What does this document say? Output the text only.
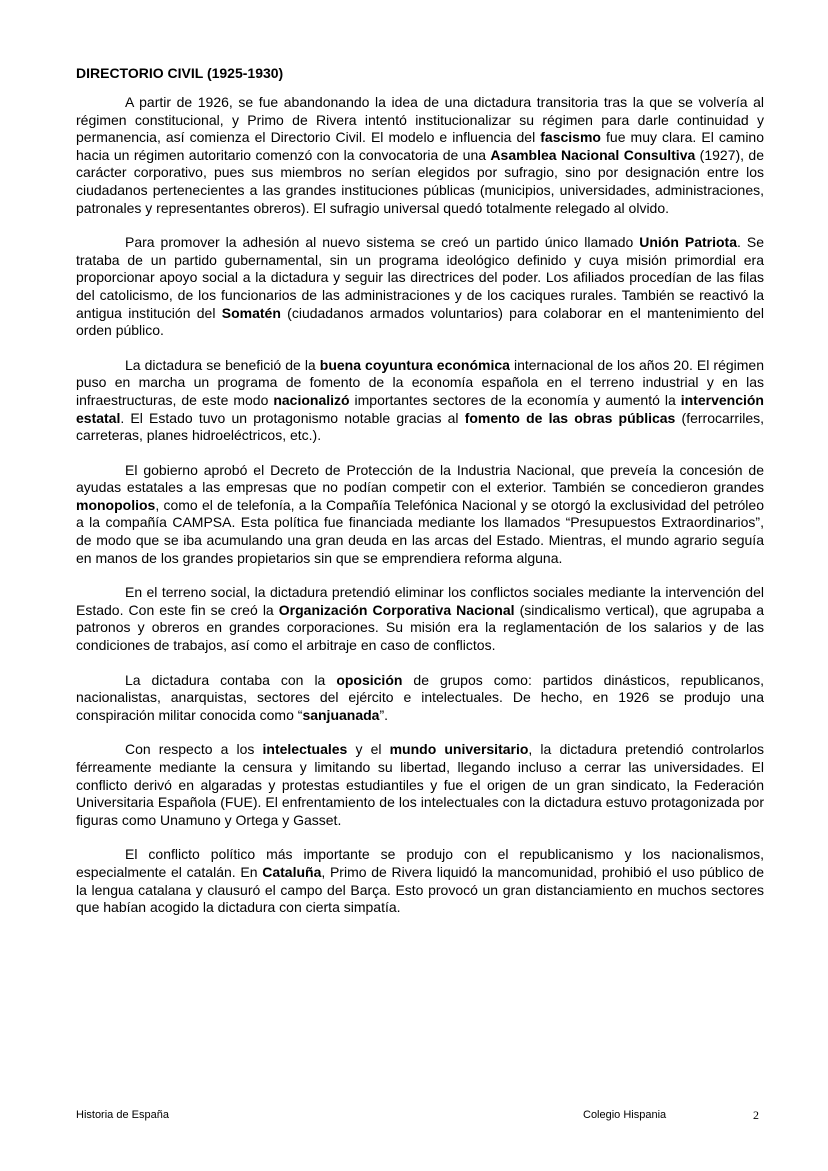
DIRECTORIO CIVIL (1925-1930)

A partir de 1926, se fue abandonando la idea de una dictadura transitoria tras la que se volvería al régimen constitucional, y Primo de Rivera intentó institucionalizar su régimen para darle continuidad y permanencia, así comienza el Directorio Civil. El modelo e influencia del fascismo fue muy clara. El camino hacia un régimen autoritario comenzó con la convocatoria de una Asamblea Nacional Consultiva (1927), de carácter corporativo, pues sus miembros no serían elegidos por sufragio, sino por designación entre los ciudadanos pertenecientes a las grandes instituciones públicas (municipios, universidades, administraciones, patronales y representantes obreros). El sufragio universal quedó totalmente relegado al olvido.

Para promover la adhesión al nuevo sistema se creó un partido único llamado Unión Patriota. Se trataba de un partido gubernamental, sin un programa ideológico definido y cuya misión primordial era proporcionar apoyo social a la dictadura y seguir las directrices del poder. Los afiliados procedían de las filas del catolicismo, de los funcionarios de las administraciones y de los caciques rurales. También se reactivó la antigua institución del Somatén (ciudadanos armados voluntarios) para colaborar en el mantenimiento del orden público.

La dictadura se benefició de la buena coyuntura económica internacional de los años 20. El régimen puso en marcha un programa de fomento de la economía española en el terreno industrial y en las infraestructuras, de este modo nacionalizó importantes sectores de la economía y aumentó la intervención estatal. El Estado tuvo un protagonismo notable gracias al fomento de las obras públicas (ferrocarriles, carreteras, planes hidroeléctricos, etc.).

El gobierno aprobó el Decreto de Protección de la Industria Nacional, que preveía la concesión de ayudas estatales a las empresas que no podían competir con el exterior. También se concedieron grandes monopolios, como el de telefonía, a la Compañía Telefónica Nacional y se otorgó la exclusividad del petróleo a la compañía CAMPSA. Esta política fue financiada mediante los llamados “Presupuestos Extraordinarios”, de modo que se iba acumulando una gran deuda en las arcas del Estado. Mientras, el mundo agrario seguía en manos de los grandes propietarios sin que se emprendiera reforma alguna.

En el terreno social, la dictadura pretendió eliminar los conflictos sociales mediante la intervención del Estado. Con este fin se creó la Organización Corporativa Nacional (sindicalismo vertical), que agrupaba a patronos y obreros en grandes corporaciones. Su misión era la reglamentación de los salarios y de las condiciones de trabajos, así como el arbitraje en caso de conflictos.

La dictadura contaba con la oposición de grupos como: partidos dinásticos, republicanos, nacionalistas, anarquistas, sectores del ejército e intelectuales. De hecho, en 1926 se produjo una conspiración militar conocida como “sanjuanada”.

Con respecto a los intelectuales y el mundo universitario, la dictadura pretendió controlarlos férreamente mediante la censura y limitando su libertad, llegando incluso a cerrar las universidades. El conflicto derivó en algaradas y protestas estudiantiles y fue el origen de un gran sindicato, la Federación Universitaria Española (FUE). El enfrentamiento de los intelectuales con la dictadura estuvo protagonizada por figuras como Unamuno y Ortega y Gasset.

El conflicto político más importante se produjo con el republicanismo y los nacionalismos, especialmente el catalán. En Cataluña, Primo de Rivera liquidó la mancomunidad, prohibió el uso público de la lengua catalana y clausuró el campo del Barça. Esto provocó un gran distanciamiento en muchos sectores que habían acogido la dictadura con cierta simpatía.

Historia de España	Colegio Hispania	2
